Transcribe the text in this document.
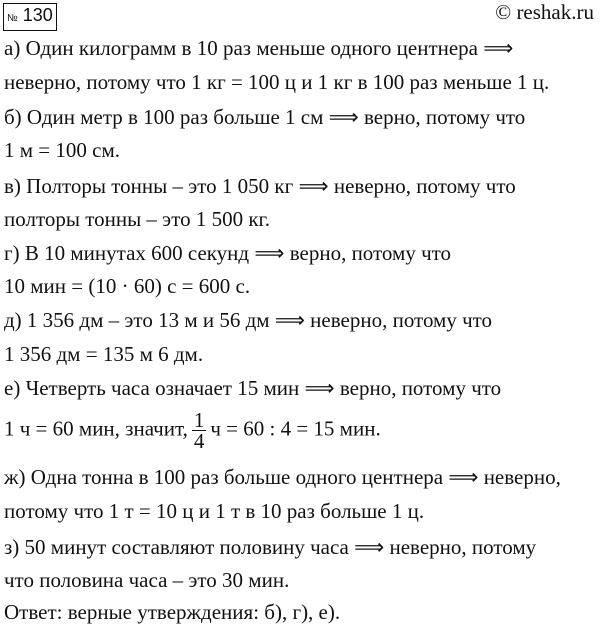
№ 130	© reshak.ru
а) Один килограмм в 10 раз меньше одного центнера ⟹
неверно, потому что 1 кг = 100 ц и 1 кг в 100 раз меньше 1 ц.
б) Один метр в 100 раз больше 1 см ⟹ верно, потому что
1 м = 100 см.
в) Полторы тонны – это 1 050 кг ⟹ неверно, потому что
полторы тонны – это 1 500 кг.
г) В 10 минутах 600 секунд ⟹ верно, потому что
10 мин = (10 · 60) с = 600 с.
д) 1 356 дм – это 13 м и 56 дм ⟹ неверно, потому что
1 356 дм = 135 м 6 дм.
е) Четверть часа означает 15 мин ⟹ верно, потому что
1 ч = 60 мин, значит, $\frac{1}{4}$ ч = 60 : 4 = 15 мин.
ж) Одна тонна в 100 раз больше одного центнера ⟹ неверно,
потому что 1 т = 10 ц и 1 т в 10 раз больше 1 ц.
з) 50 минут составляют половину часа ⟹ неверно, потому
что половина часа – это 30 мин.
Ответ: верные утверждения: б), г), е).
